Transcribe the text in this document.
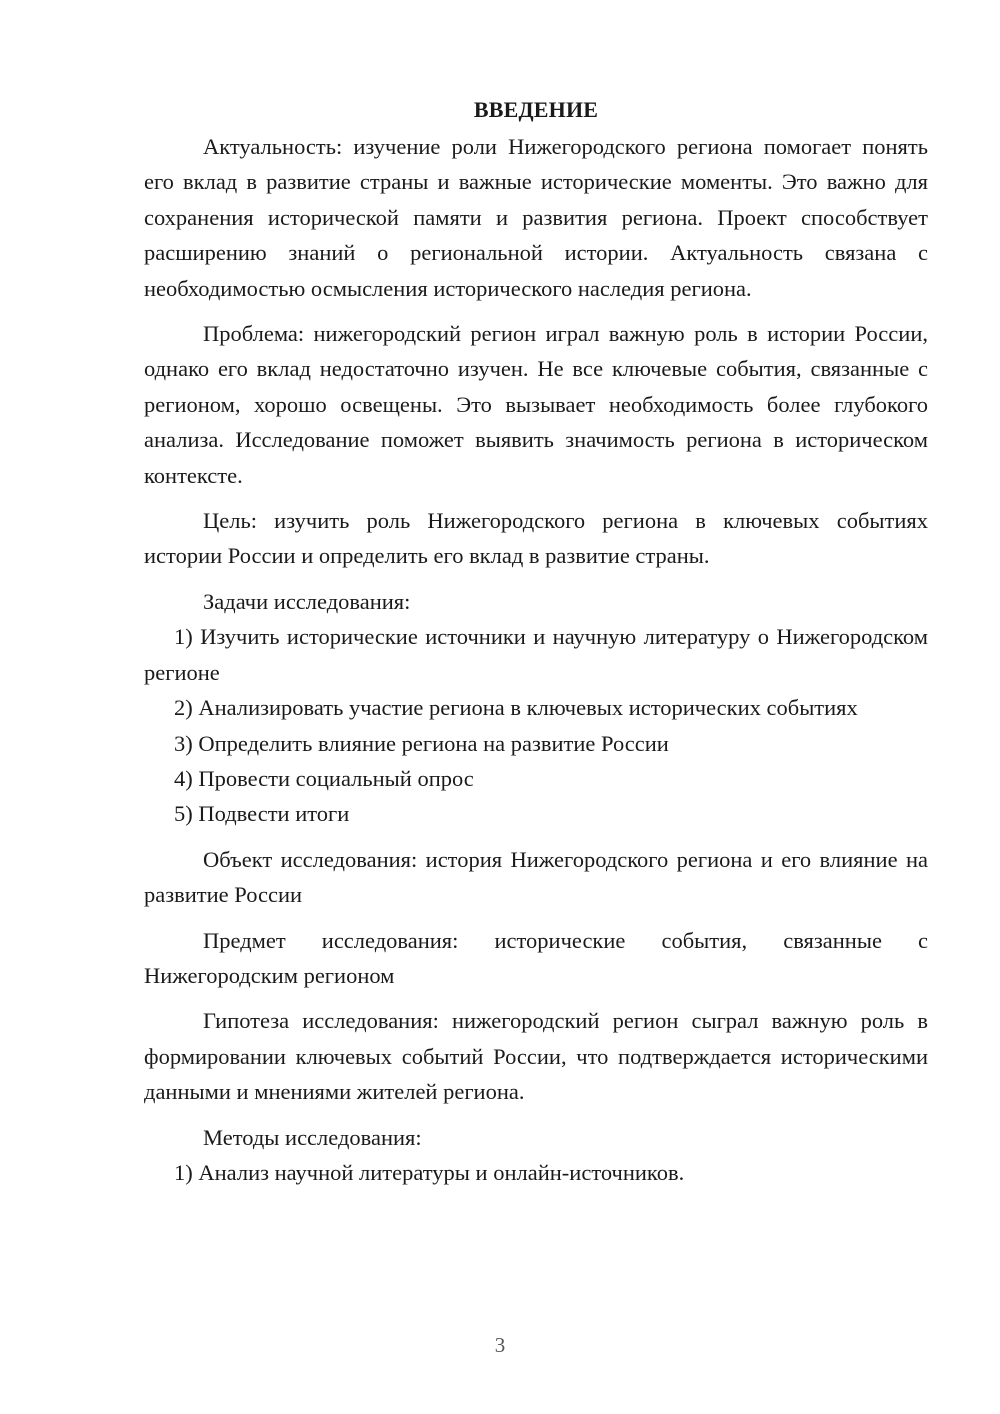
ВВЕДЕНИЕ

Актуальность: изучение роли Нижегородского региона помогает понять его вклад в развитие страны и важные исторические моменты. Это важно для сохранения исторической памяти и развития региона. Проект способствует расширению знаний о региональной истории. Актуальность связана с необходимостью осмысления исторического наследия региона.

Проблема: нижегородский регион играл важную роль в истории России, однако его вклад недостаточно изучен. Не все ключевые события, связанные с регионом, хорошо освещены. Это вызывает необходимость более глубокого анализа. Исследование поможет выявить значимость региона в историческом контексте.

Цель: изучить роль Нижегородского региона в ключевых событиях истории России и определить его вклад в развитие страны.

Задачи исследования:

1) Изучить исторические источники и научную литературу о Нижегородском регионе

2) Анализировать участие региона в ключевых исторических событиях

3) Определить влияние региона на развитие России

4) Провести социальный опрос

5) Подвести итоги

Объект исследования: история Нижегородского региона и его влияние на развитие России

Предмет исследования: исторические события, связанные с Нижегородским регионом

Гипотеза исследования: нижегородский регион сыграл важную роль в формировании ключевых событий России, что подтверждается историческими данными и мнениями жителей региона.

Методы исследования:

1) Анализ научной литературы и онлайн-источников.

3
